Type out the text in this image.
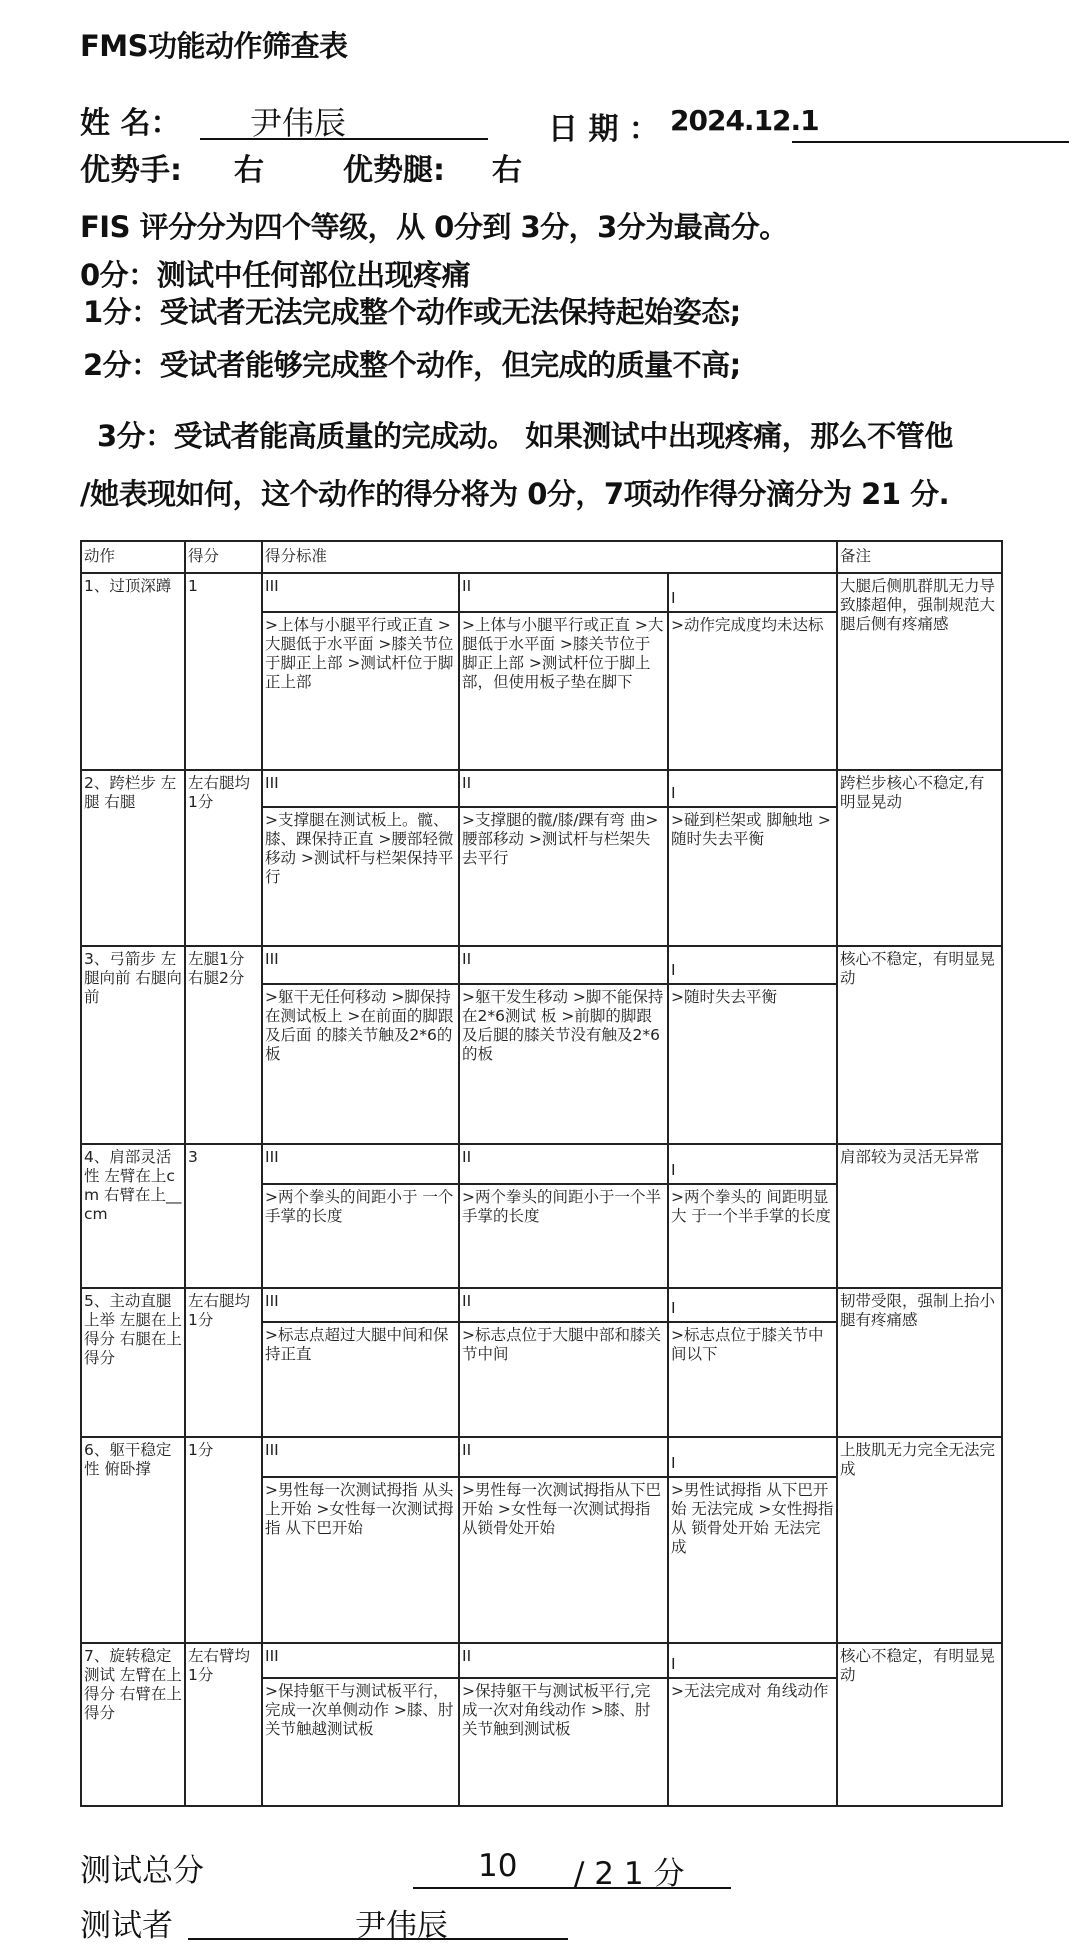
FMS功能动作筛查表
姓 名： 尹伟辰	日 期 ： 2024.12.1
优势手: 右	优势腿: 右
FIS 评分分为四个等级，从 0分到 3分，3分为最高分。
0分：测试中任何部位出现疼痛
1分：受试者无法完成整个动作或无法保持起始姿态;
2分：受试者能够完成整个动作，但完成的质量不高;
3分：受试者能高质量的完成动。 如果测试中出现疼痛，那么不管他
/她表现如何，这个动作的得分将为 0分，7项动作得分滴分为 21 分.
动作	得分	得分标准			备注
1、过顶深蹲	1	III	II	I	大腿后侧肌群肌无力导致膝超伸，强制规范大腿后侧有疼痛感
		>上体与小腿平行或正直 >大腿低于水平面 >膝关节位于脚正上部 >测试杆位于脚正上部	>上体与小腿平行或正直 >大腿低于水平面 >膝关节位于脚正上部 >测试杆位于脚上部，但使用板子垫在脚下	>动作完成度均未达标	
2、跨栏步 左腿 右腿	左右腿均1分	III	II	I	跨栏步核心不稳定,有明显晃动
		>支撑腿在测试板上。髋、膝、踝保持正直 >腰部轻微移动 >测试杆与栏架保持平行	>支撑腿的髋/膝/踝有弯 曲>腰部移动 >测试杆与栏架失去平行	>碰到栏架或 脚触地 >随时失去平衡	
3、弓箭步 左腿向前 右腿向前	左腿1分右腿2分	III	II	I	核心不稳定，有明显晃动
		>躯干无任何移动 >脚保持在测试板上 >在前面的脚跟及后面 的膝关节触及2*6的板	>躯干发生移动 >脚不能保持在2*6测试 板 >前脚的脚跟及后腿的膝关节没有触及2*6的板	>随时失去平衡	
4、肩部灵活性 左臂在上cm 右臂在上__cm	3	III	II	I	肩部较为灵活无异常
		>两个拳头的间距小于 一个手掌的长度	>两个拳头的间距小于一个半手掌的长度	>两个拳头的 间距明显大 于一个半手掌的长度	
5、主动直腿上举 左腿在上得分 右腿在上得分	左右腿均1分	III	II	I	韧带受限，强制上抬小腿有疼痛感
		>标志点超过大腿中间和保持正直	>标志点位于大腿中部和膝关节中间	>标志点位于膝关节中间以下	
6、躯干稳定性 俯卧撑	1分	III	II	I	上肢肌无力完全无法完成
		>男性每一次测试拇指 从头上开始 >女性每一次测试拇指 从下巴开始	>男性每一次测试拇指从下巴开始 >女性每一次测试拇指从锁骨处开始	>男性试拇指 从下巴开始 无法完成 >女性拇指从 锁骨处开始 无法完成	
7、旋转稳定测试 左臂在上得分 右臂在上得分	左右臂均1分	III	II	I	核心不稳定，有明显晃动
		>保持躯干与测试板平行，完成一次单侧动作 >膝、肘关节触越测试板	>保持躯干与测试板平行,完成一次对角线动作 >膝、肘关节触到测试板	>无法完成对 角线动作	
测试总分	10 / 2 1 分
测试者	尹伟辰
